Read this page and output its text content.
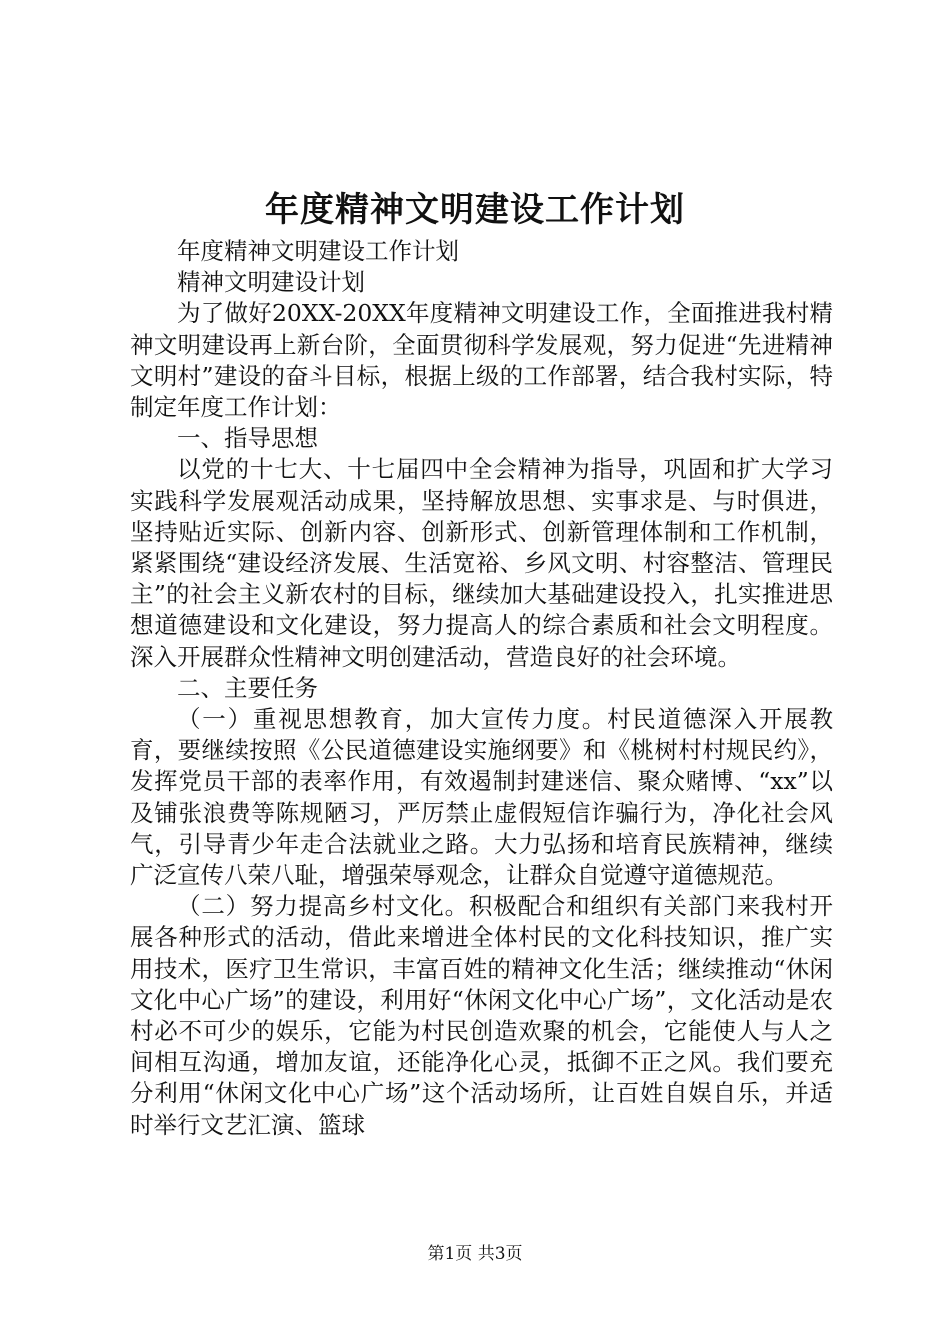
年度精神文明建设工作计划

年度精神文明建设工作计划

精神文明建设计划

为了做好20XX-20XX年度精神文明建设工作，全面推进我村精神文明建设再上新台阶，全面贯彻科学发展观，努力促进“先进精神文明村”建设的奋斗目标，根据上级的工作部署，结合我村实际，特制定年度工作计划：

一、指导思想

以党的十七大、十七届四中全会精神为指导，巩固和扩大学习实践科学发展观活动成果，坚持解放思想、实事求是、与时俱进，坚持贴近实际、创新内容、创新形式、创新管理体制和工作机制，紧紧围绕“建设经济发展、生活宽裕、乡风文明、村容整洁、管理民主”的社会主义新农村的目标，继续加大基础建设投入，扎实推进思想道德建设和文化建设，努力提高人的综合素质和社会文明程度。深入开展群众性精神文明创建活动，营造良好的社会环境。

二、主要任务

（一）重视思想教育，加大宣传力度。村民道德深入开展教育，要继续按照《公民道德建设实施纲要》和《桃树村村规民约》，发挥党员干部的表率作用，有效遏制封建迷信、聚众赌博、“xx”以及铺张浪费等陈规陋习，严厉禁止虚假短信诈骗行为，净化社会风气，引导青少年走合法就业之路。大力弘扬和培育民族精神，继续广泛宣传八荣八耻，增强荣辱观念，让群众自觉遵守道德规范。

（二）努力提高乡村文化。积极配合和组织有关部门来我村开展各种形式的活动，借此来增进全体村民的文化科技知识，推广实用技术，医疗卫生常识，丰富百姓的精神文化生活；继续推动“休闲文化中心广场”的建设，利用好“休闲文化中心广场”，文化活动是农村必不可少的娱乐，它能为村民创造欢聚的机会，它能使人与人之间相互沟通，增加友谊，还能净化心灵，抵御不正之风。我们要充分利用“休闲文化中心广场”这个活动场所，让百姓自娱自乐，并适时举行文艺汇演、篮球

第1页 共3页
